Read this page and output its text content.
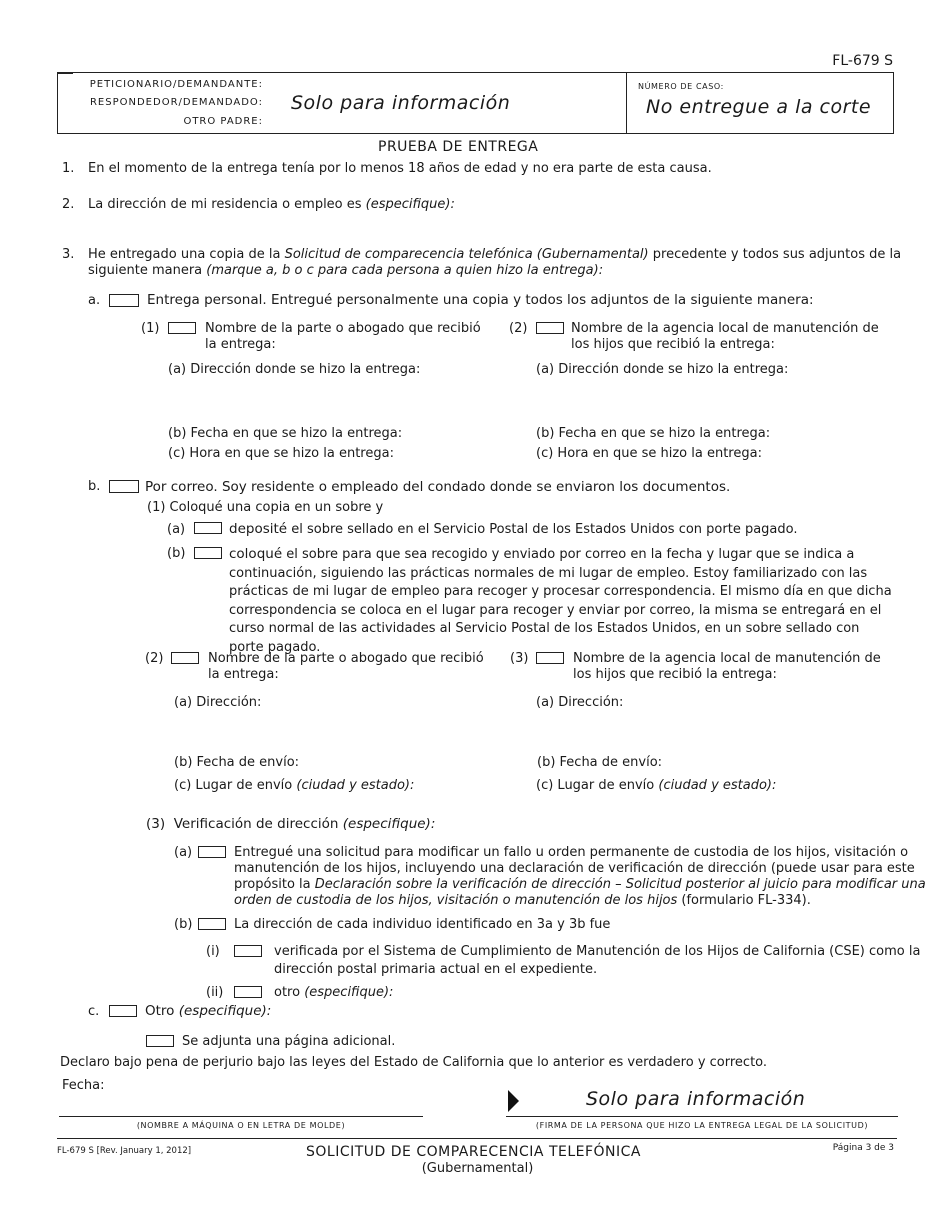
FL-679 S
PETICIONARIO/DEMANDANTE:
RESPONDEDOR/DEMANDADO:
OTRO PADRE:
Solo para información
NÚMERO DE CASO:
No entregue a la corte
PRUEBA DE ENTREGA
1. En el momento de la entrega tenía por lo menos 18 años de edad y no era parte de esta causa.
2. La dirección de mi residencia o empleo es (especifique):
3. He entregado una copia de la Solicitud de comparecencia telefónica (Gubernamental) precedente y todos sus adjuntos de la
siguiente manera (marque a, b o c para cada persona a quien hizo la entrega):
a.	Entrega personal. Entregué personalmente una copia y todos los adjuntos de la siguiente manera:
(1)	Nombre de la parte o abogado que recibió la entrega:
(2)	Nombre de la agencia local de manutención de los hijos que recibió la entrega:
(a) Dirección donde se hizo la entrega:	(a) Dirección donde se hizo la entrega:
(b) Fecha en que se hizo la entrega:	(b) Fecha en que se hizo la entrega:
(c) Hora en que se hizo la entrega:	(c) Hora en que se hizo la entrega:
b.	Por correo. Soy residente o empleado del condado donde se enviaron los documentos.
(1) Coloqué una copia en un sobre y
(a)	deposité el sobre sellado en el Servicio Postal de los Estados Unidos con porte pagado.
(b)	coloqué el sobre para que sea recogido y enviado por correo en la fecha y lugar que se indica a continuación, siguiendo las prácticas normales de mi lugar de empleo. Estoy familiarizado con las prácticas de mi lugar de empleo para recoger y procesar correspondencia. El mismo día en que dicha correspondencia se coloca en el lugar para recoger y enviar por correo, la misma se entregará en el curso normal de las actividades al Servicio Postal de los Estados Unidos, en un sobre sellado con porte pagado.
(2)	Nombre de la parte o abogado que recibió la entrega:
(3)	Nombre de la agencia local de manutención de los hijos que recibió la entrega:
(a) Dirección:	(a) Dirección:
(b) Fecha de envío:	(b) Fecha de envío:
(c) Lugar de envío (ciudad y estado):	(c) Lugar de envío (ciudad y estado):
(3) Verificación de dirección (especifique):
(a)	Entregué una solicitud para modificar un fallo u orden permanente de custodia de los hijos, visitación o
manutención de los hijos, incluyendo una declaración de verificación de dirección (puede usar para este
propósito la Declaración sobre la verificación de dirección – Solicitud posterior al juicio para modificar una
orden de custodia de los hijos, visitación o manutención de los hijos (formulario FL-334).
(b)	La dirección de cada individuo identificado en 3a y 3b fue
(i)	verificada por el Sistema de Cumplimiento de Manutención de los Hijos de California (CSE) como la
dirección postal primaria actual en el expediente.
(ii)	otro (especifique):
c.	Otro (especifique):
Se adjunta una página adicional.
Declaro bajo pena de perjurio bajo las leyes del Estado de California que lo anterior es verdadero y correcto.
Fecha:
(NOMBRE A MÁQUINA O EN LETRA DE MOLDE)
Solo para información
(FIRMA DE LA PERSONA QUE HIZO LA ENTREGA LEGAL DE LA SOLICITUD)
FL-679 S [Rev. January 1, 2012]	SOLICITUD DE COMPARECENCIA TELEFÓNICA
(Gubernamental)
Página 3 de 3
